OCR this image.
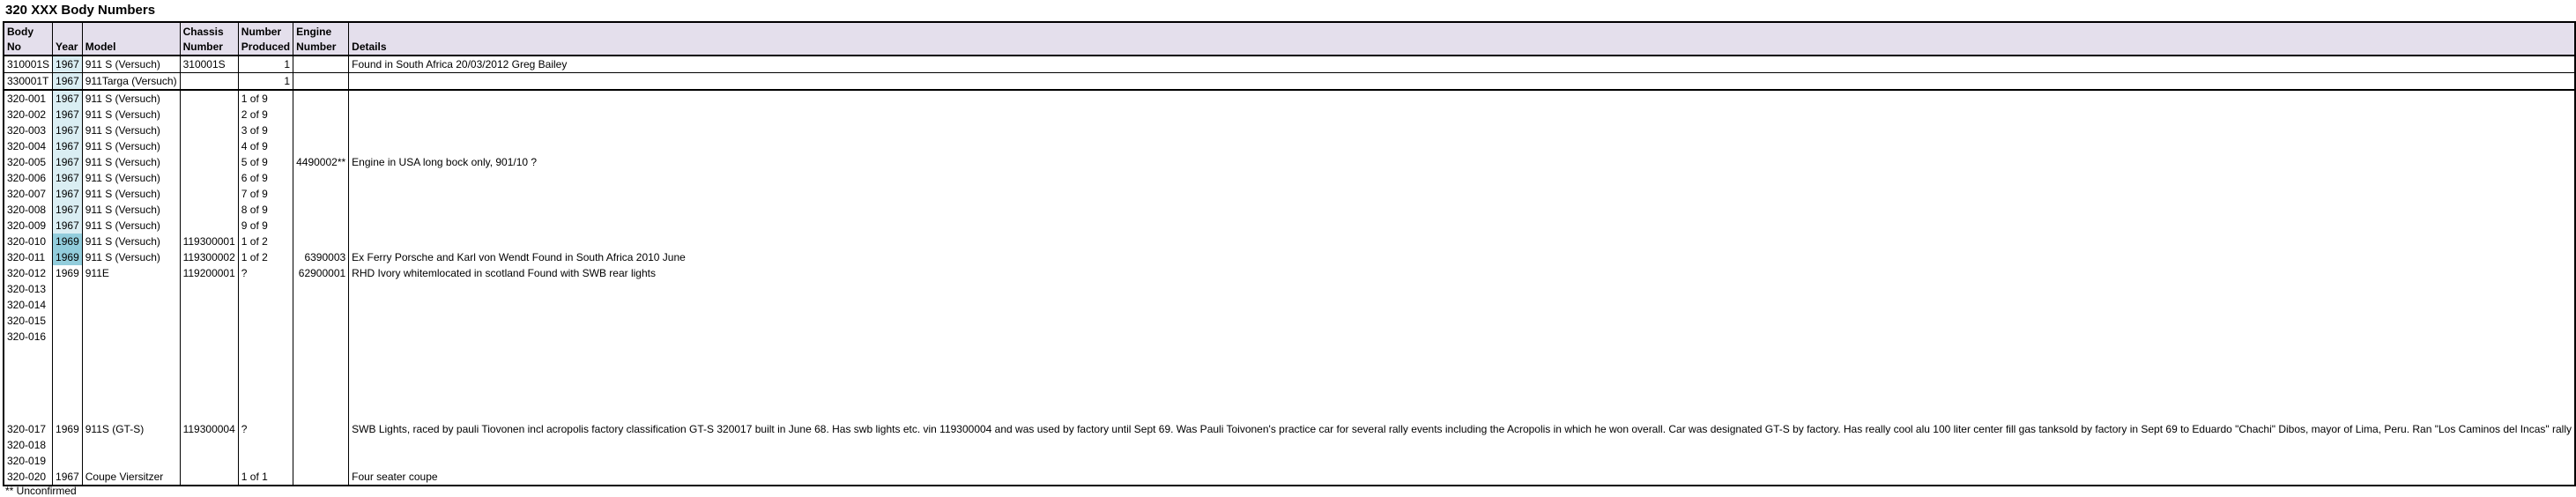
320 XXX Body Numbers
Body No	Year	Model	Chassis Number	Number Produced	Engine Number	Details
310001S	1967	911 S (Versuch)	310001S	1		Found in South Africa 20/03/2012 Greg Bailey
330001T	1967	911Targa (Versuch)		1		
320-001	1967	911 S (Versuch)		1 of 9		
320-002	1967	911 S (Versuch)		2 of 9		
320-003	1967	911 S (Versuch)		3 of 9		
320-004	1967	911 S (Versuch)		4 of 9		
320-005	1967	911 S (Versuch)		5 of 9	4490002**	Engine in USA long bock only, 901/10 ?
320-006	1967	911 S (Versuch)		6 of 9		
320-007	1967	911 S (Versuch)		7 of 9		
320-008	1967	911 S (Versuch)		8 of 9		
320-009	1967	911 S (Versuch)		9 of 9		
320-010	1969	911 S (Versuch)	119300001	1 of 2		
320-011	1969	911 S (Versuch)	119300002	1 of 2	6390003	Ex Ferry Porsche and Karl von Wendt Found in South Africa 2010 June
320-012	1969	911E	119200001	?	62900001	RHD Ivory whitemlocated in scotland Found with SWB rear lights
320-013						
320-014						
320-015						
320-016						
320-017	1969	911S (GT-S)	119300004	?		SWB Lights, raced by pauli Tiovonen incl acropolis factory classification GT-S 320017 built in June 68. Has swb lights etc. vin 119300004 and was used by factory until Sept 69. Was Pauli Toivonen's practice car for several rally events including the Acropolis in which he won overall. Car was designated GT-S by factory. Has really cool alu 100 liter center fill gas tanksold by factory in Sept 69 to Eduardo "Chachi" Dibos, mayor of Lima, Peru. Ran "Los Caminos del Incas" rally
320-018						
320-019						
320-020	1967	Coupe Viersitzer		1 of 1		Four seater coupe
** Unconfirmed
